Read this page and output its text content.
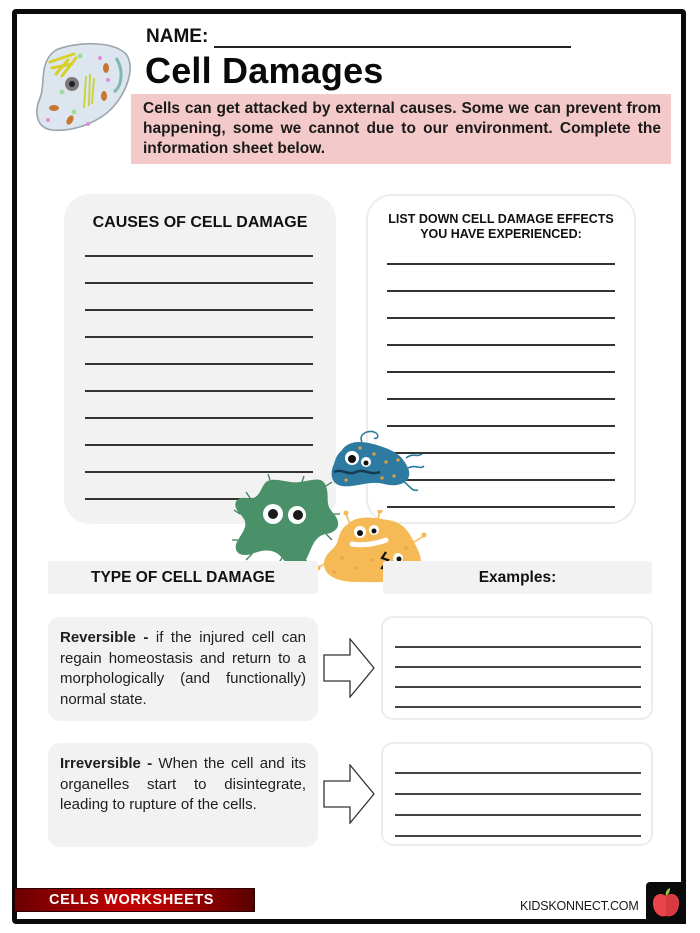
NAME:
Cell Damages
Cells can get attacked by external causes. Some we can prevent from happening, some we cannot due to our environment. Complete the information sheet below.
CAUSES OF CELL DAMAGE	LIST DOWN CELL DAMAGE EFFECTS
YOU HAVE EXPERIENCED:
TYPE OF CELL DAMAGE	Examples:
Reversible - if the injured cell can regain homeostasis and return to a morphologically (and functionally) normal state.
Irreversible - When the cell and its organelles start to disintegrate, leading to rupture of the cells.
CELLS WORKSHEETS	KIDSKONNECT.COM
